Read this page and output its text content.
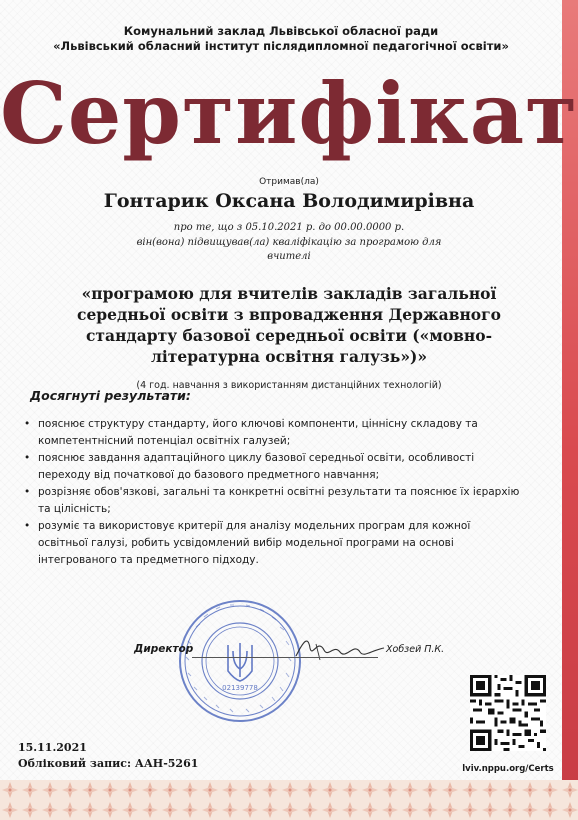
Комунальний заклад Львівської обласної ради
«Львівський обласний інститут післядипломної педагогічної освіти»
Сертифікат
Отримав(ла)
Гонтарик Оксана Володимирівна
про те, що з 05.10.2021 р. до 00.00.0000 р.
він(вона) підвищував(ла) кваліфікацію за програмою для
вчителі
«програмою для вчителів закладів загальної середньої освіти з впровадження Державного стандарту базової середньої освіти («мовно-літературна освітня галузь»)»
(4 год. навчання з використанням дистанційних технологій)
Досягнуті результати:
• пояснює структуру стандарту, його ключові компоненти, ціннісну складову та компетентнісний потенціал освітніх галузей;
• пояснює завдання адаптаційного циклу базової середньої освіти, особливості переходу від початкової до базового предметного навчання;
• розрізняє обов'язкові, загальні та конкретні освітні результати та пояснює їх ієрархію та цілісність;
• розуміє та використовує критерії для аналізу модельних програм для кожної освітньої галузі, робить усвідомлений вибір модельної програми на основі інтегрованого та предметного підходу.
02139778
Директор	Хобзей П.К.
15.11.2021
Обліковий запис: ААН-5261	lviv.nppu.org/Certs
